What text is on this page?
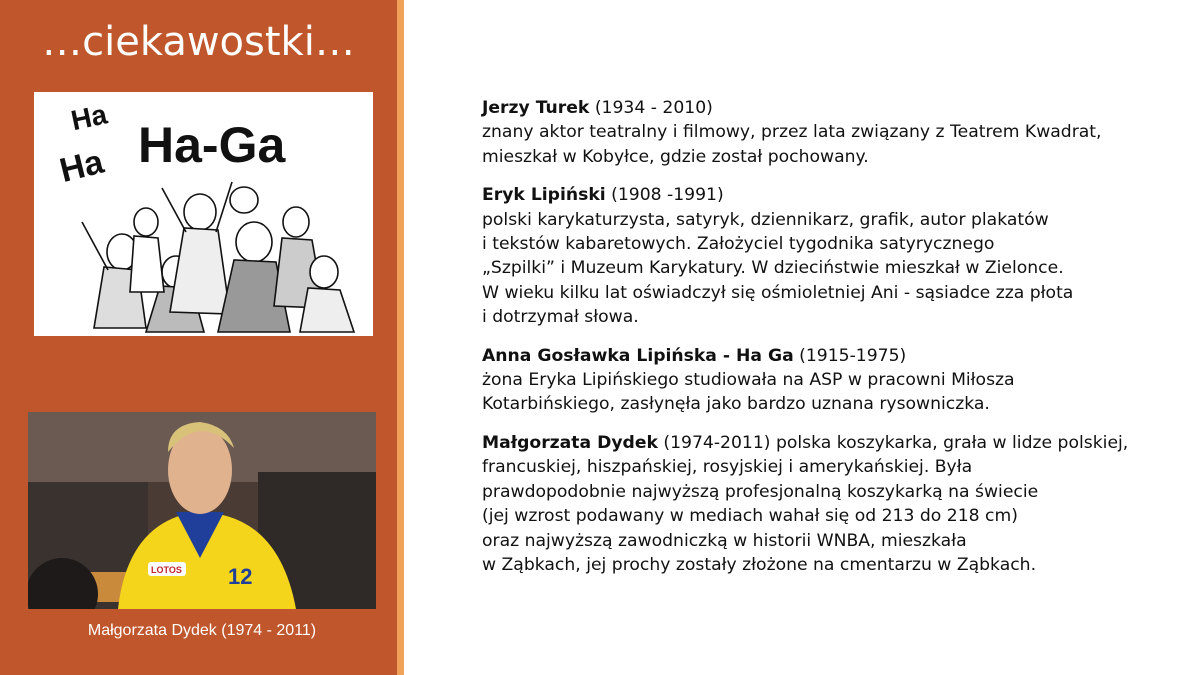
…ciekawostki…
Ha
Ha Ha-Ga
Rysunek Anny Gosławskiej Lipińskiej
(1915 - 1975)
12
LOTOS
Małgorzata Dydek (1974 - 2011)
Jerzy Turek (1934 - 2010)
znany aktor teatralny i filmowy, przez lata związany z Teatrem Kwadrat,
mieszkał w Kobyłce, gdzie został pochowany.
Eryk Lipiński (1908 -1991)
polski karykaturzysta, satyryk, dziennikarz, grafik, autor plakatów
i tekstów kabaretowych. Założyciel tygodnika satyrycznego
„Szpilki” i Muzeum Karykatury. W dzieciństwie mieszkał w Zielonce.
W wieku kilku lat oświadczył się ośmioletniej Ani - sąsiadce zza płota
i dotrzymał słowa.
Anna Gosławka Lipińska - Ha Ga (1915-1975)
żona Eryka Lipińskiego studiowała na ASP w pracowni Miłosza
Kotarbińskiego, zasłynęła jako bardzo uznana rysowniczka.
Małgorzata Dydek (1974-2011) polska koszykarka, grała w lidze polskiej,
francuskiej, hiszpańskiej, rosyjskiej i amerykańskiej. Była
prawdopodobnie najwyższą profesjonalną koszykarką na świecie
(jej wzrost podawany w mediach wahał się od 213 do 218 cm)
oraz najwyższą zawodniczką w historii WNBA, mieszkała
w Ząbkach, jej prochy zostały złożone na cmentarzu w Ząbkach.
